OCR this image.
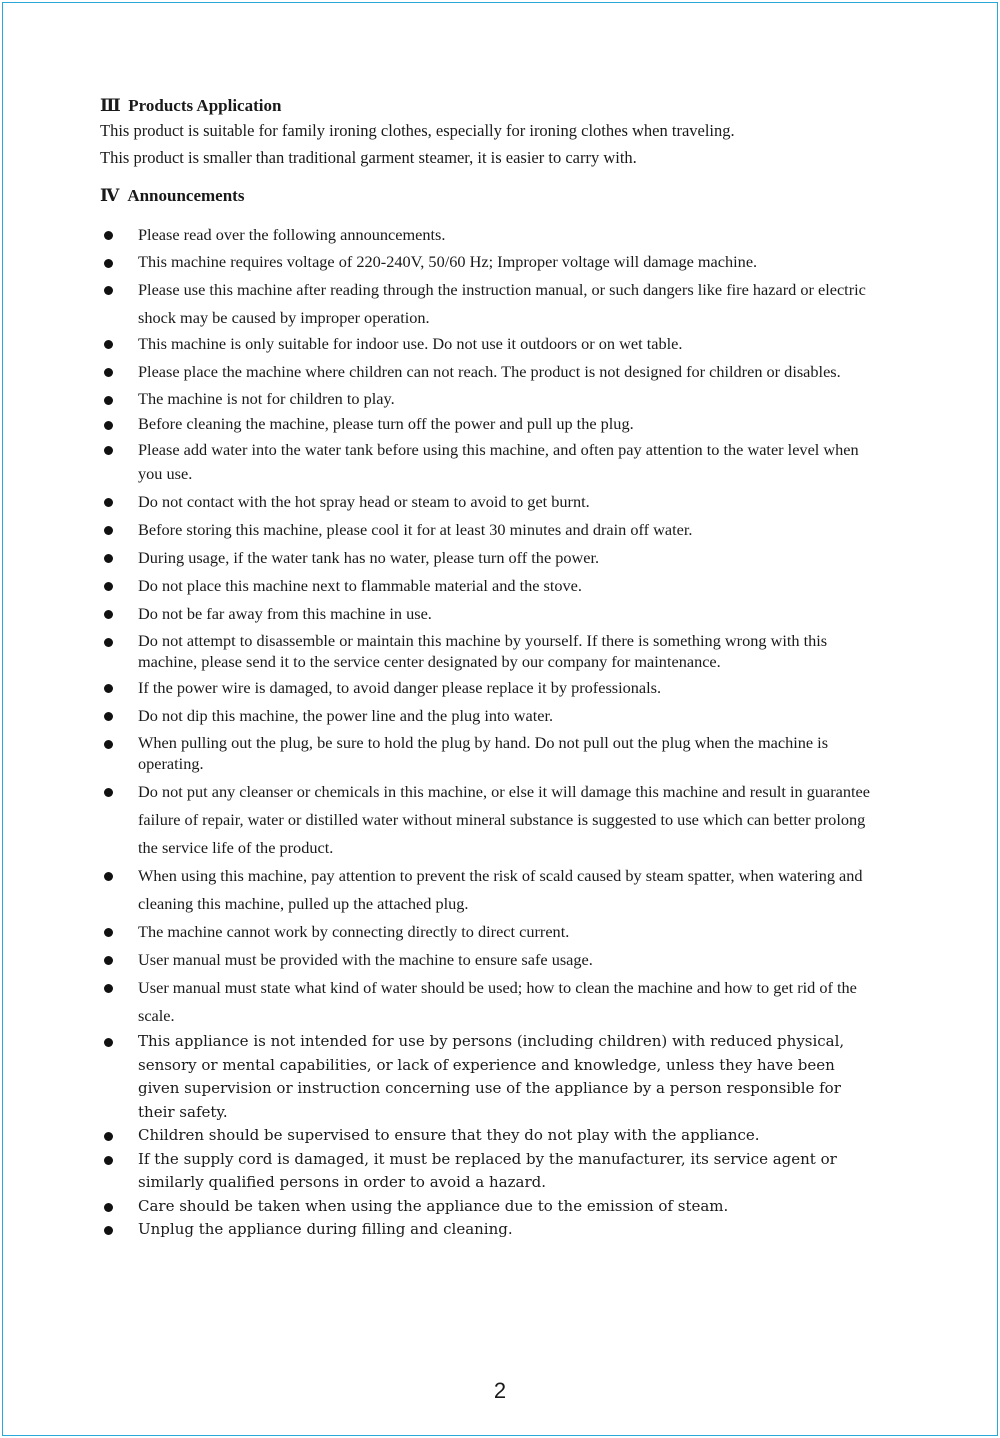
Ⅲ Products Application

This product is suitable for family ironing clothes, especially for ironing clothes when traveling.

This product is smaller than traditional garment steamer, it is easier to carry with.

Ⅳ Announcements
Please read over the following announcements.
This machine requires voltage of 220-240V, 50/60 Hz; Improper voltage will damage machine.
Please use this machine after reading through the instruction manual, or such dangers like fire hazard or electric shock may be caused by improper operation.
This machine is only suitable for indoor use. Do not use it outdoors or on wet table.
Please place the machine where children can not reach. The product is not designed for children or disables.
The machine is not for children to play.
Before cleaning the machine, please turn off the power and pull up the plug.
Please add water into the water tank before using this machine, and often pay attention to the water level when you use.
Do not contact with the hot spray head or steam to avoid to get burnt.
Before storing this machine, please cool it for at least 30 minutes and drain off water.
During usage, if the water tank has no water, please turn off the power.
Do not place this machine next to flammable material and the stove.
Do not be far away from this machine in use.
Do not attempt to disassemble or maintain this machine by yourself. If there is something wrong with this machine, please send it to the service center designated by our company for maintenance.
If the power wire is damaged, to avoid danger please replace it by professionals.
Do not dip this machine, the power line and the plug into water.
When pulling out the plug, be sure to hold the plug by hand. Do not pull out the plug when the machine is operating.
Do not put any cleanser or chemicals in this machine, or else it will damage this machine and result in guarantee failure of repair, water or distilled water without mineral substance is suggested to use which can better prolong the service life of the product.
When using this machine, pay attention to prevent the risk of scald caused by steam spatter, when watering and cleaning this machine, pulled up the attached plug.
The machine cannot work by connecting directly to direct current.
User manual must be provided with the machine to ensure safe usage.
User manual must state what kind of water should be used; how to clean the machine and how to get rid of the scale.
This appliance is not intended for use by persons (including children) with reduced physical, sensory or mental capabilities, or lack of experience and knowledge, unless they have been given supervision or instruction concerning use of the appliance by a person responsible for their safety.
Children should be supervised to ensure that they do not play with the appliance.
If the supply cord is damaged, it must be replaced by the manufacturer, its service agent or similarly qualified persons in order to avoid a hazard.
Care should be taken when using the appliance due to the emission of steam.
Unplug the appliance during filling and cleaning.
2
